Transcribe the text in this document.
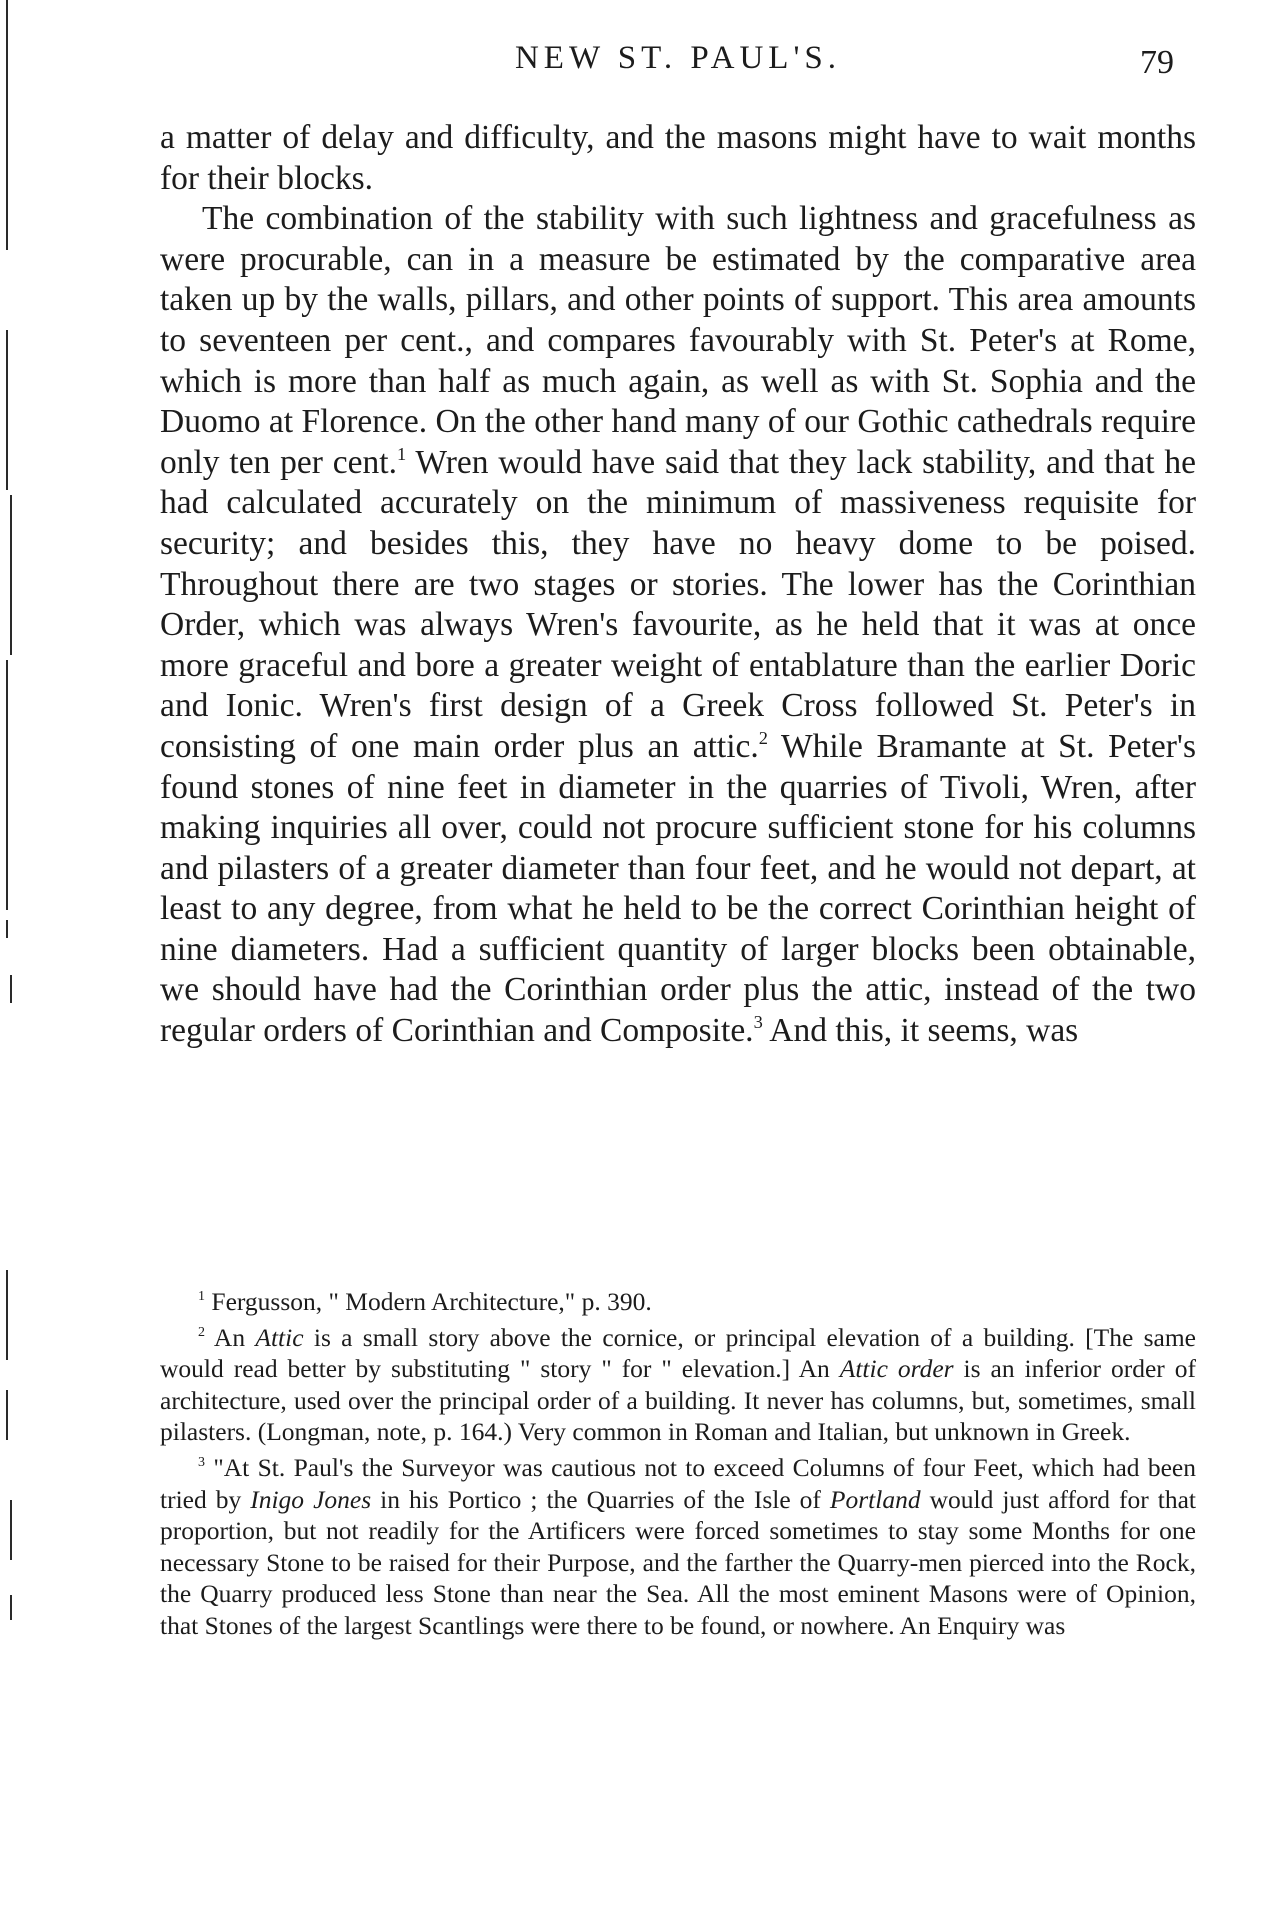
NEW ST. PAUL'S.	79

a matter of delay and difficulty, and the masons might have to wait months for their blocks.

The combination of the stability with such lightness and gracefulness as were procurable, can in a measure be estimated by the comparative area taken up by the walls, pillars, and other points of support. This area amounts to seventeen per cent., and compares favourably with St. Peter's at Rome, which is more than half as much again, as well as with St. Sophia and the Duomo at Florence. On the other hand many of our Gothic cathedrals require only ten per cent.$^1$ Wren would have said that they lack stability, and that he had calculated accurately on the minimum of massiveness requisite for security; and besides this, they have no heavy dome to be poised. Throughout there are two stages or stories. The lower has the Corinthian Order, which was always Wren's favourite, as he held that it was at once more graceful and bore a greater weight of entablature than the earlier Doric and Ionic. Wren's first design of a Greek Cross followed St. Peter's in consisting of one main order plus an attic.$^2$ While Bramante at St. Peter's found stones of nine feet in diameter in the quarries of Tivoli, Wren, after making inquiries all over, could not procure sufficient stone for his columns and pilasters of a greater diameter than four feet, and he would not depart, at least to any degree, from what he held to be the correct Corinthian height of nine diameters. Had a sufficient quantity of larger blocks been obtainable, we should have had the Corinthian order plus the attic, instead of the two regular orders of Corinthian and Composite.$^3$ And this, it seems, was

$^1$ Fergusson, " Modern Architecture," p. 390.

$^2$ An Attic is a small story above the cornice, or principal elevation of a building. [The same would read better by substituting " story " for " elevation.] An Attic order is an inferior order of architecture, used over the principal order of a building. It never has columns, but, sometimes, small pilasters. (Longman, note, p. 164.) Very common in Roman and Italian, but unknown in Greek.

$^3$ "At St. Paul's the Surveyor was cautious not to exceed Columns of four Feet, which had been tried by Inigo Jones in his Portico ; the Quarries of the Isle of Portland would just afford for that proportion, but not readily for the Artificers were forced sometimes to stay some Months for one necessary Stone to be raised for their Purpose, and the farther the Quarry-men pierced into the Rock, the Quarry produced less Stone than near the Sea. All the most eminent Masons were of Opinion, that Stones of the largest Scantlings were there to be found, or nowhere. An Enquiry was
